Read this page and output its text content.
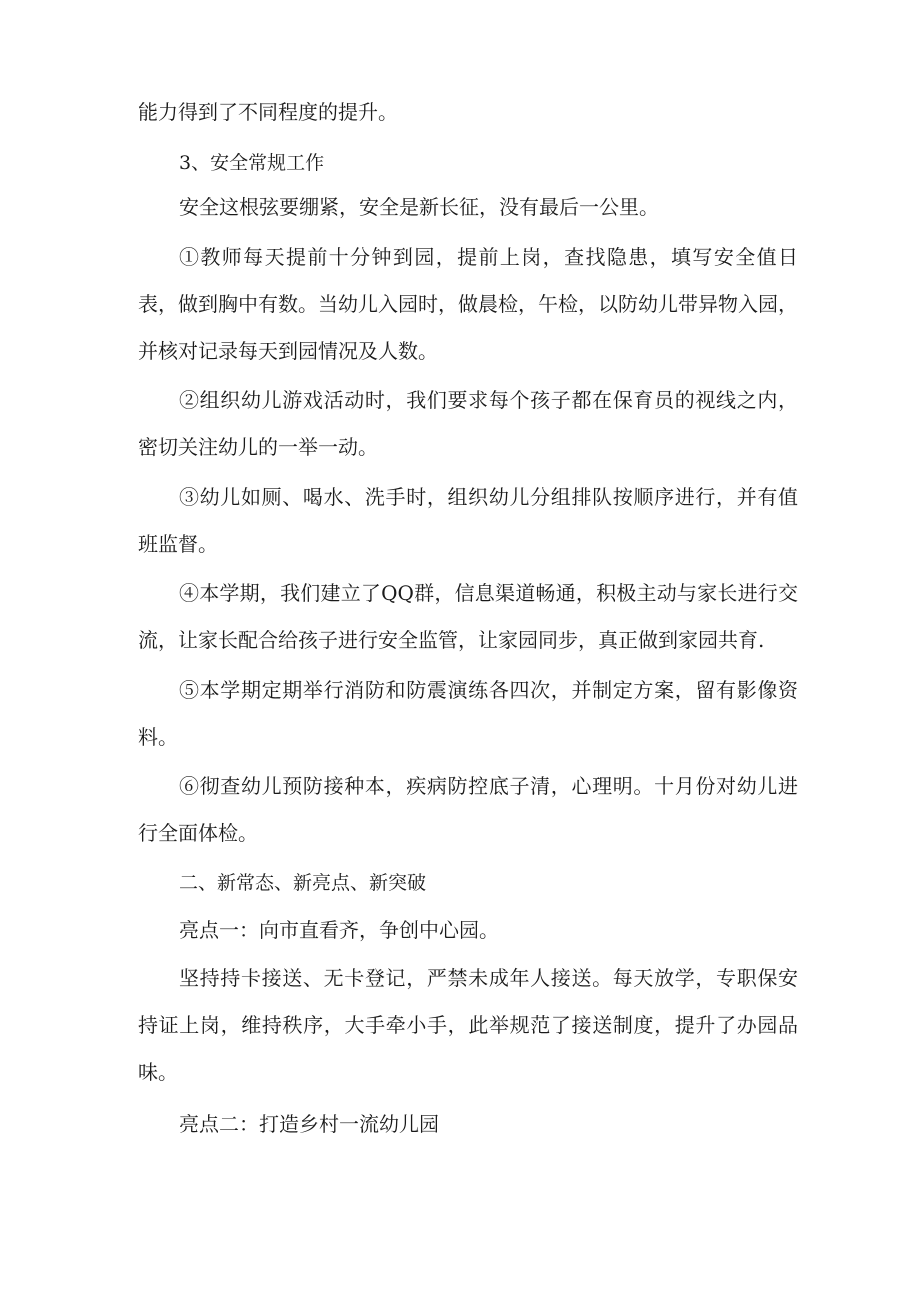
能力得到了不同程度的提升。

3、安全常规工作

安全这根弦要绷紧，安全是新长征，没有最后一公里。

①教师每天提前十分钟到园，提前上岗，查找隐患，填写安全值日表，做到胸中有数。当幼儿入园时，做晨检，午检，以防幼儿带异物入园，并核对记录每天到园情况及人数。

②组织幼儿游戏活动时，我们要求每个孩子都在保育员的视线之内，密切关注幼儿的一举一动。

③幼儿如厕、喝水、洗手时，组织幼儿分组排队按顺序进行，并有值班监督。

④本学期，我们建立了QQ群，信息渠道畅通，积极主动与家长进行交流，让家长配合给孩子进行安全监管，让家园同步，真正做到家园共育.

⑤本学期定期举行消防和防震演练各四次，并制定方案，留有影像资料。

⑥彻查幼儿预防接种本，疾病防控底子清，心理明。十月份对幼儿进行全面体检。

二、新常态、新亮点、新突破

亮点一：向市直看齐，争创中心园。

坚持持卡接送、无卡登记，严禁未成年人接送。每天放学，专职保安持证上岗，维持秩序，大手牵小手，此举规范了接送制度，提升了办园品味。

亮点二：打造乡村一流幼儿园
